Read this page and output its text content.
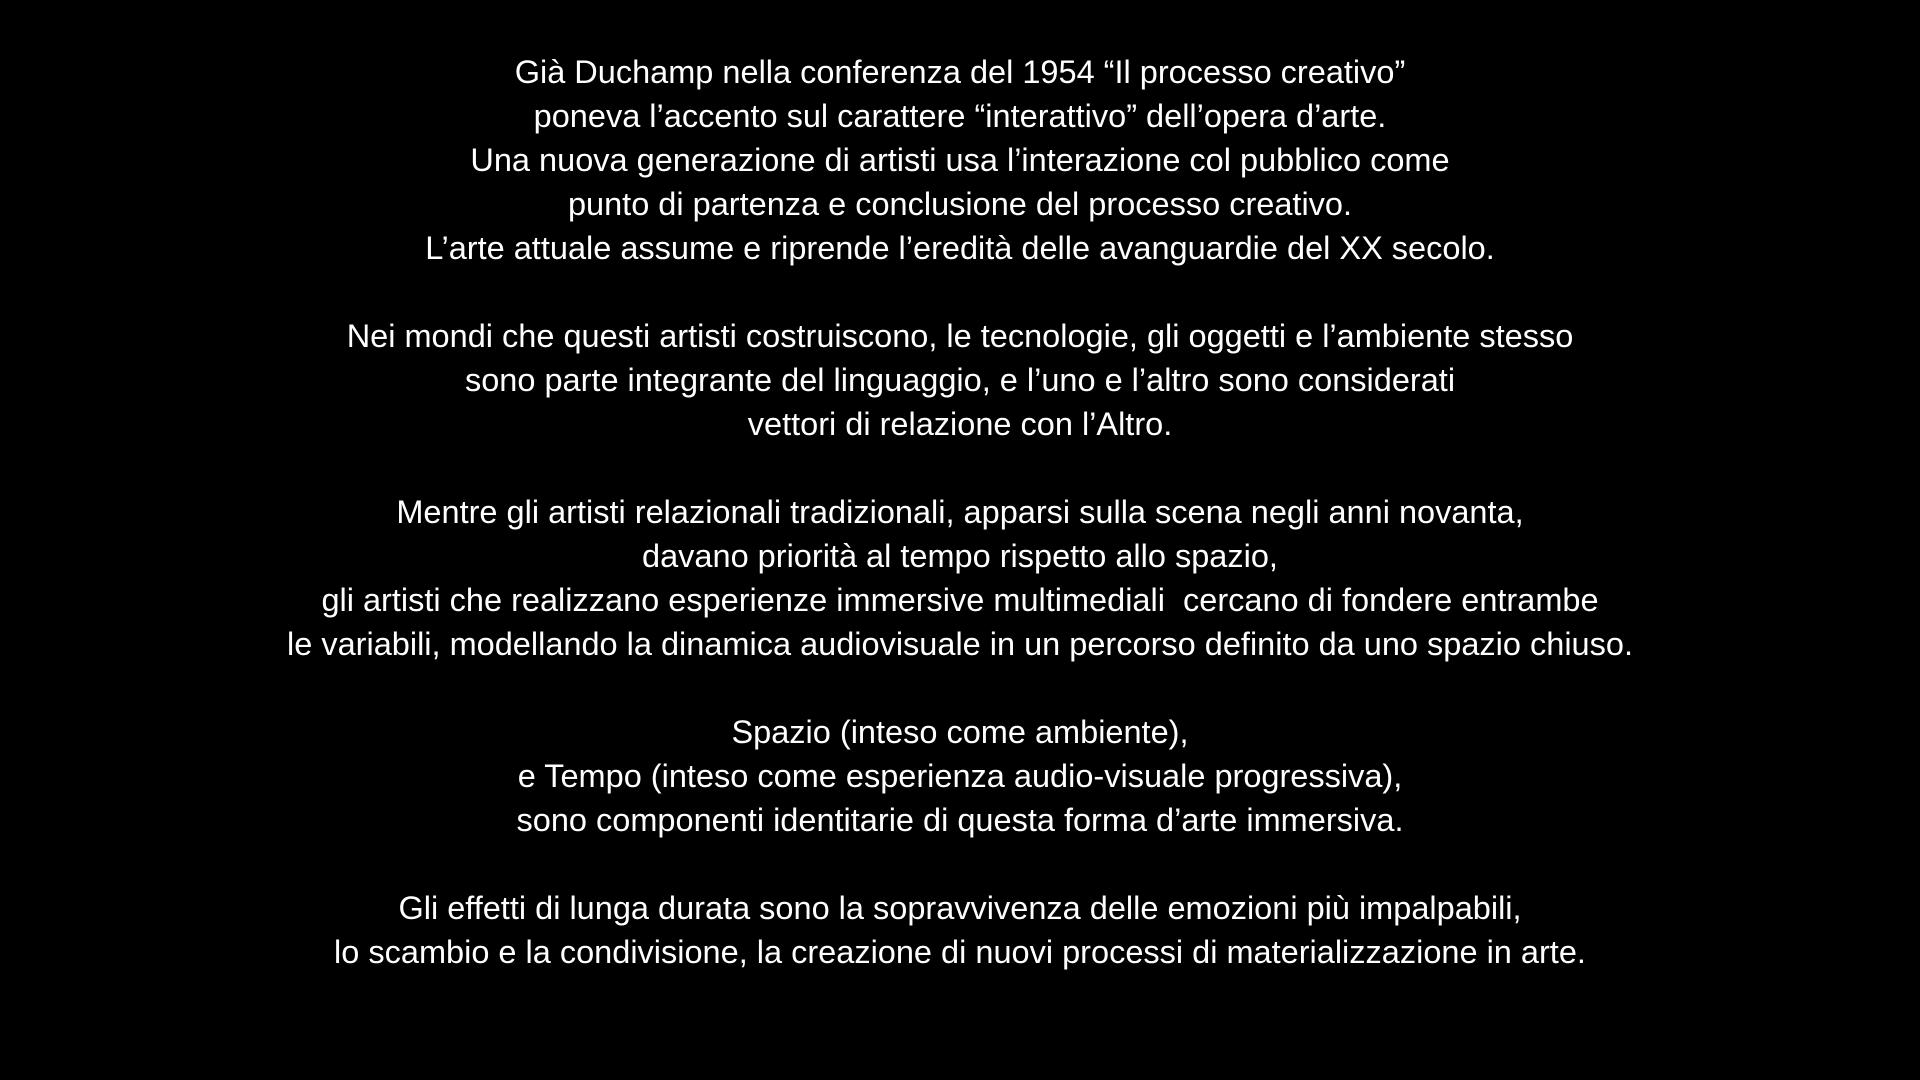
Già Duchamp nella conferenza del 1954 “Il processo creativo”
poneva l’accento sul carattere “interattivo” dell’opera d’arte.
Una nuova generazione di artisti usa l’interazione col pubblico come
punto di partenza e conclusione del processo creativo.
L’arte attuale assume e riprende l’eredità delle avanguardie del XX secolo.

Nei mondi che questi artisti costruiscono, le tecnologie, gli oggetti e l’ambiente stesso
sono parte integrante del linguaggio, e l’uno e l’altro sono considerati
vettori di relazione con l’Altro.

Mentre gli artisti relazionali tradizionali, apparsi sulla scena negli anni novanta,
davano priorità al tempo rispetto allo spazio,
gli artisti che realizzano esperienze immersive multimediali  cercano di fondere entrambe
le variabili, modellando la dinamica audiovisuale in un percorso definito da uno spazio chiuso.

Spazio (inteso come ambiente),
e Tempo (inteso come esperienza audio-visuale progressiva),
sono componenti identitarie di questa forma d’arte immersiva.

Gli effetti di lunga durata sono la sopravvivenza delle emozioni più impalpabili,
lo scambio e la condivisione, la creazione di nuovi processi di materializzazione in arte.
